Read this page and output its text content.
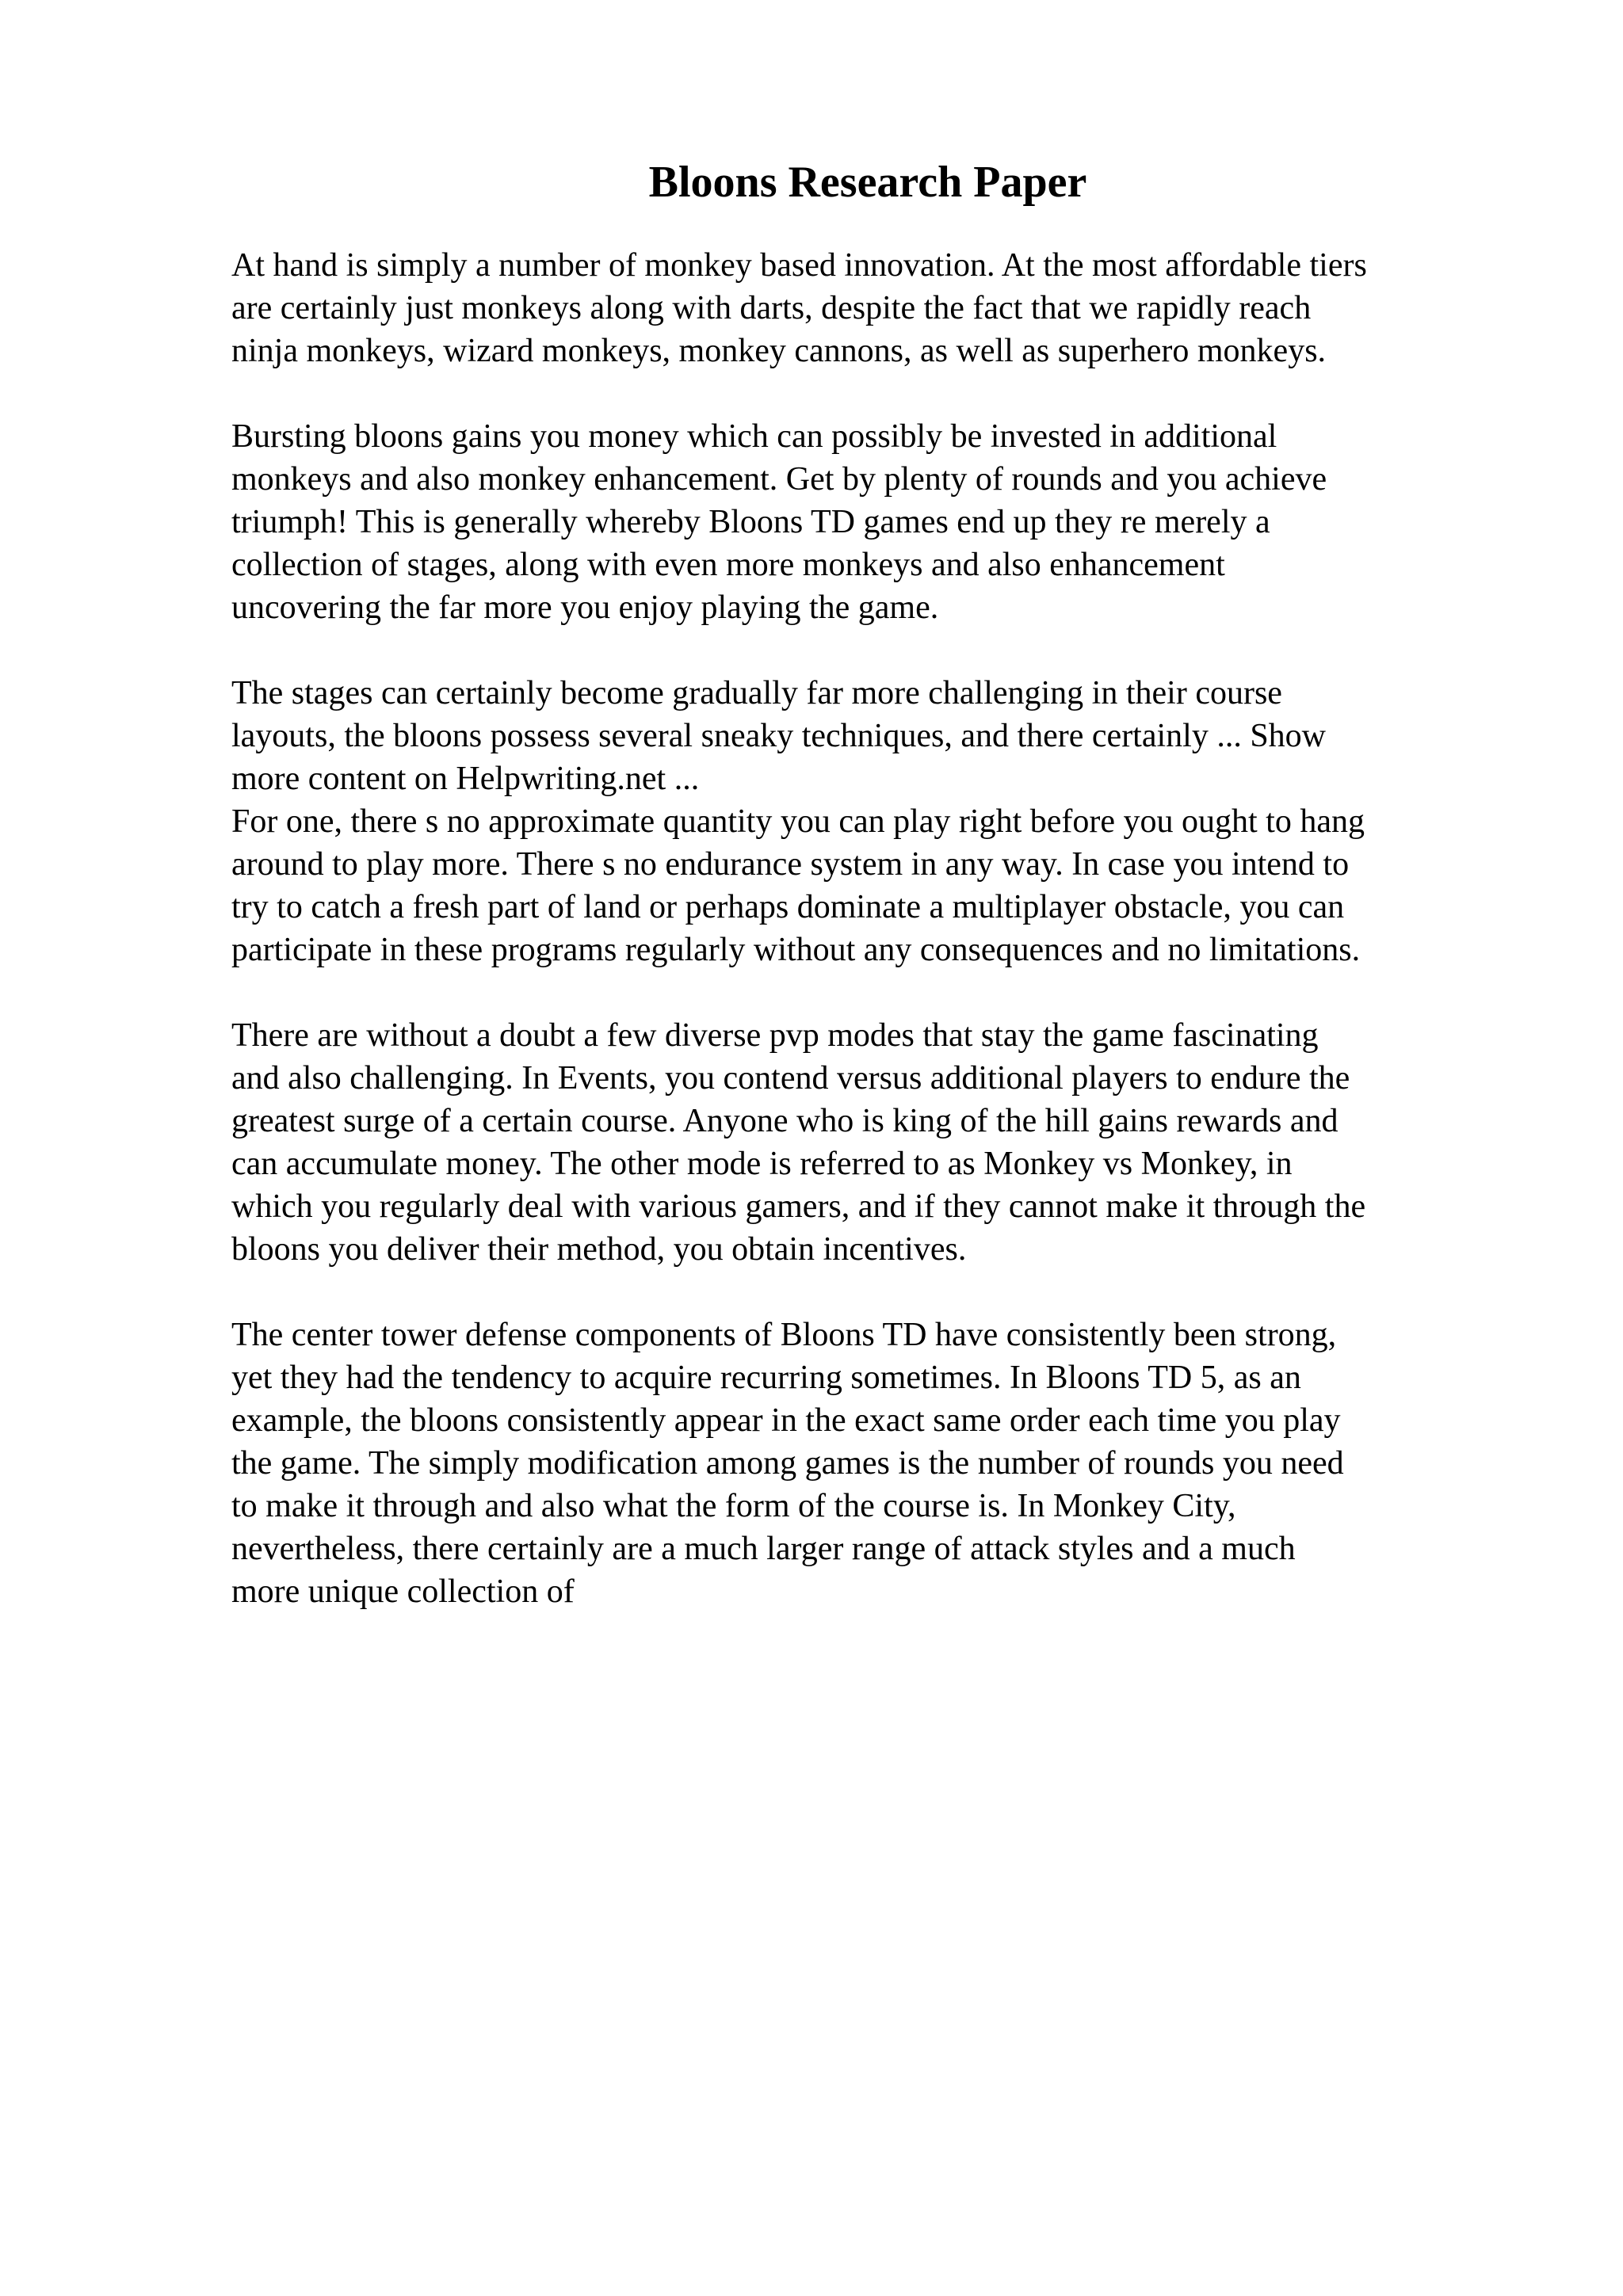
Bloons Research Paper

At hand is simply a number of monkey based innovation. At the most affordable tiers
are certainly just monkeys along with darts, despite the fact that we rapidly reach
ninja monkeys, wizard monkeys, monkey cannons, as well as superhero monkeys.

Bursting bloons gains you money which can possibly be invested in additional
monkeys and also monkey enhancement. Get by plenty of rounds and you achieve
triumph! This is generally whereby Bloons TD games end up they re merely a
collection of stages, along with even more monkeys and also enhancement
uncovering the far more you enjoy playing the game.

The stages can certainly become gradually far more challenging in their course
layouts, the bloons possess several sneaky techniques, and there certainly ... Show
more content on Helpwriting.net ...

For one, there s no approximate quantity you can play right before you ought to hang
around to play more. There s no endurance system in any way. In case you intend to
try to catch a fresh part of land or perhaps dominate a multiplayer obstacle, you can
participate in these programs regularly without any consequences and no limitations.

There are without a doubt a few diverse pvp modes that stay the game fascinating
and also challenging. In Events, you contend versus additional players to endure the
greatest surge of a certain course. Anyone who is king of the hill gains rewards and
can accumulate money. The other mode is referred to as Monkey vs Monkey, in
which you regularly deal with various gamers, and if they cannot make it through the
bloons you deliver their method, you obtain incentives.

The center tower defense components of Bloons TD have consistently been strong,
yet they had the tendency to acquire recurring sometimes. In Bloons TD 5, as an
example, the bloons consistently appear in the exact same order each time you play
the game. The simply modification among games is the number of rounds you need
to make it through and also what the form of the course is. In Monkey City,
nevertheless, there certainly are a much larger range of attack styles and a much
more unique collection of
